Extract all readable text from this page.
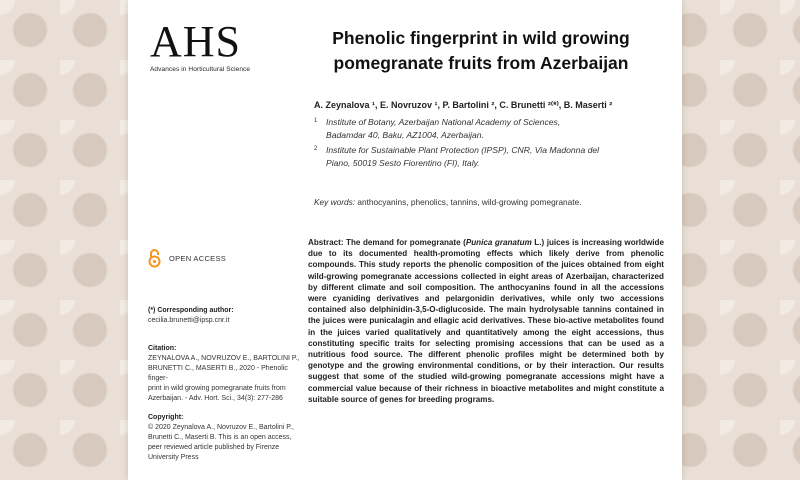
AHS
Advances in Horticultural Science
Phenolic fingerprint in wild growing
pomegranate fruits from Azerbaijan
A. Zeynalova ¹, E. Novruzov ¹, P. Bartolini ², C. Brunetti ²⁽*⁾, B. Maserti ²
1 Institute of Botany, Azerbaijan National Academy of Sciences,
Badamdar 40, Baku, AZ1004, Azerbaijan.
2 Institute for Sustainable Plant Protection (IPSP), CNR, Via Madonna del
Piano, 50019 Sesto Fiorentino (FI), Italy.
Key words: anthocyanins, phenolics, tannins, wild-growing pomegranate.
Abstract: The demand for pomegranate (Punica granatum L.) juices is increasing worldwide due to its documented health-promoting effects which likely derive from phenolic compounds. This study reports the phenolic composition of the juices obtained from eight wild-growing pomegranate accessions collected in eight areas of Azerbaijan, characterized by different climate and soil composition. The anthocyanins found in all the accessions were cyaniding derivatives and pelargonidin derivatives, while only two accessions contained also delphinidin-3,5-O-diglucoside. The main hydrolysable tannins contained in the juices were punicalagin and ellagic acid derivatives. These bio-active metabolites found in the juices varied qualitatively and quantitatively among the eight accessions, thus constituting specific traits for selecting promising accessions that can be used as a nutritious food source. The different phenolic profiles might be determined both by genotype and the growing environmental conditions, or by their interaction. Our results suggest that some of the studied wild-growing pomegranate accessions might have a commercial value because of their richness in bioactive metabolites and might constitute a suitable source of genes for breeding programs.
OPEN ACCESS
(*) Corresponding author:
cecilia.brunetti@ipsp.cnr.it
Citation:
ZEYNALOVA A., NOVRUZOV E., BARTOLINI P.,
BRUNETTI C., MASERTI B., 2020 - Phenolic finger-
print in wild growing pomegranate fruits from
Azerbaijan. - Adv. Hort. Sci., 34(3): 277-286
Copyright:
© 2020 Zeynalova A., Novruzov E., Bartolini P.,
Brunetti C., Maserti B. This is an open access,
peer reviewed article published by Firenze
University Press
